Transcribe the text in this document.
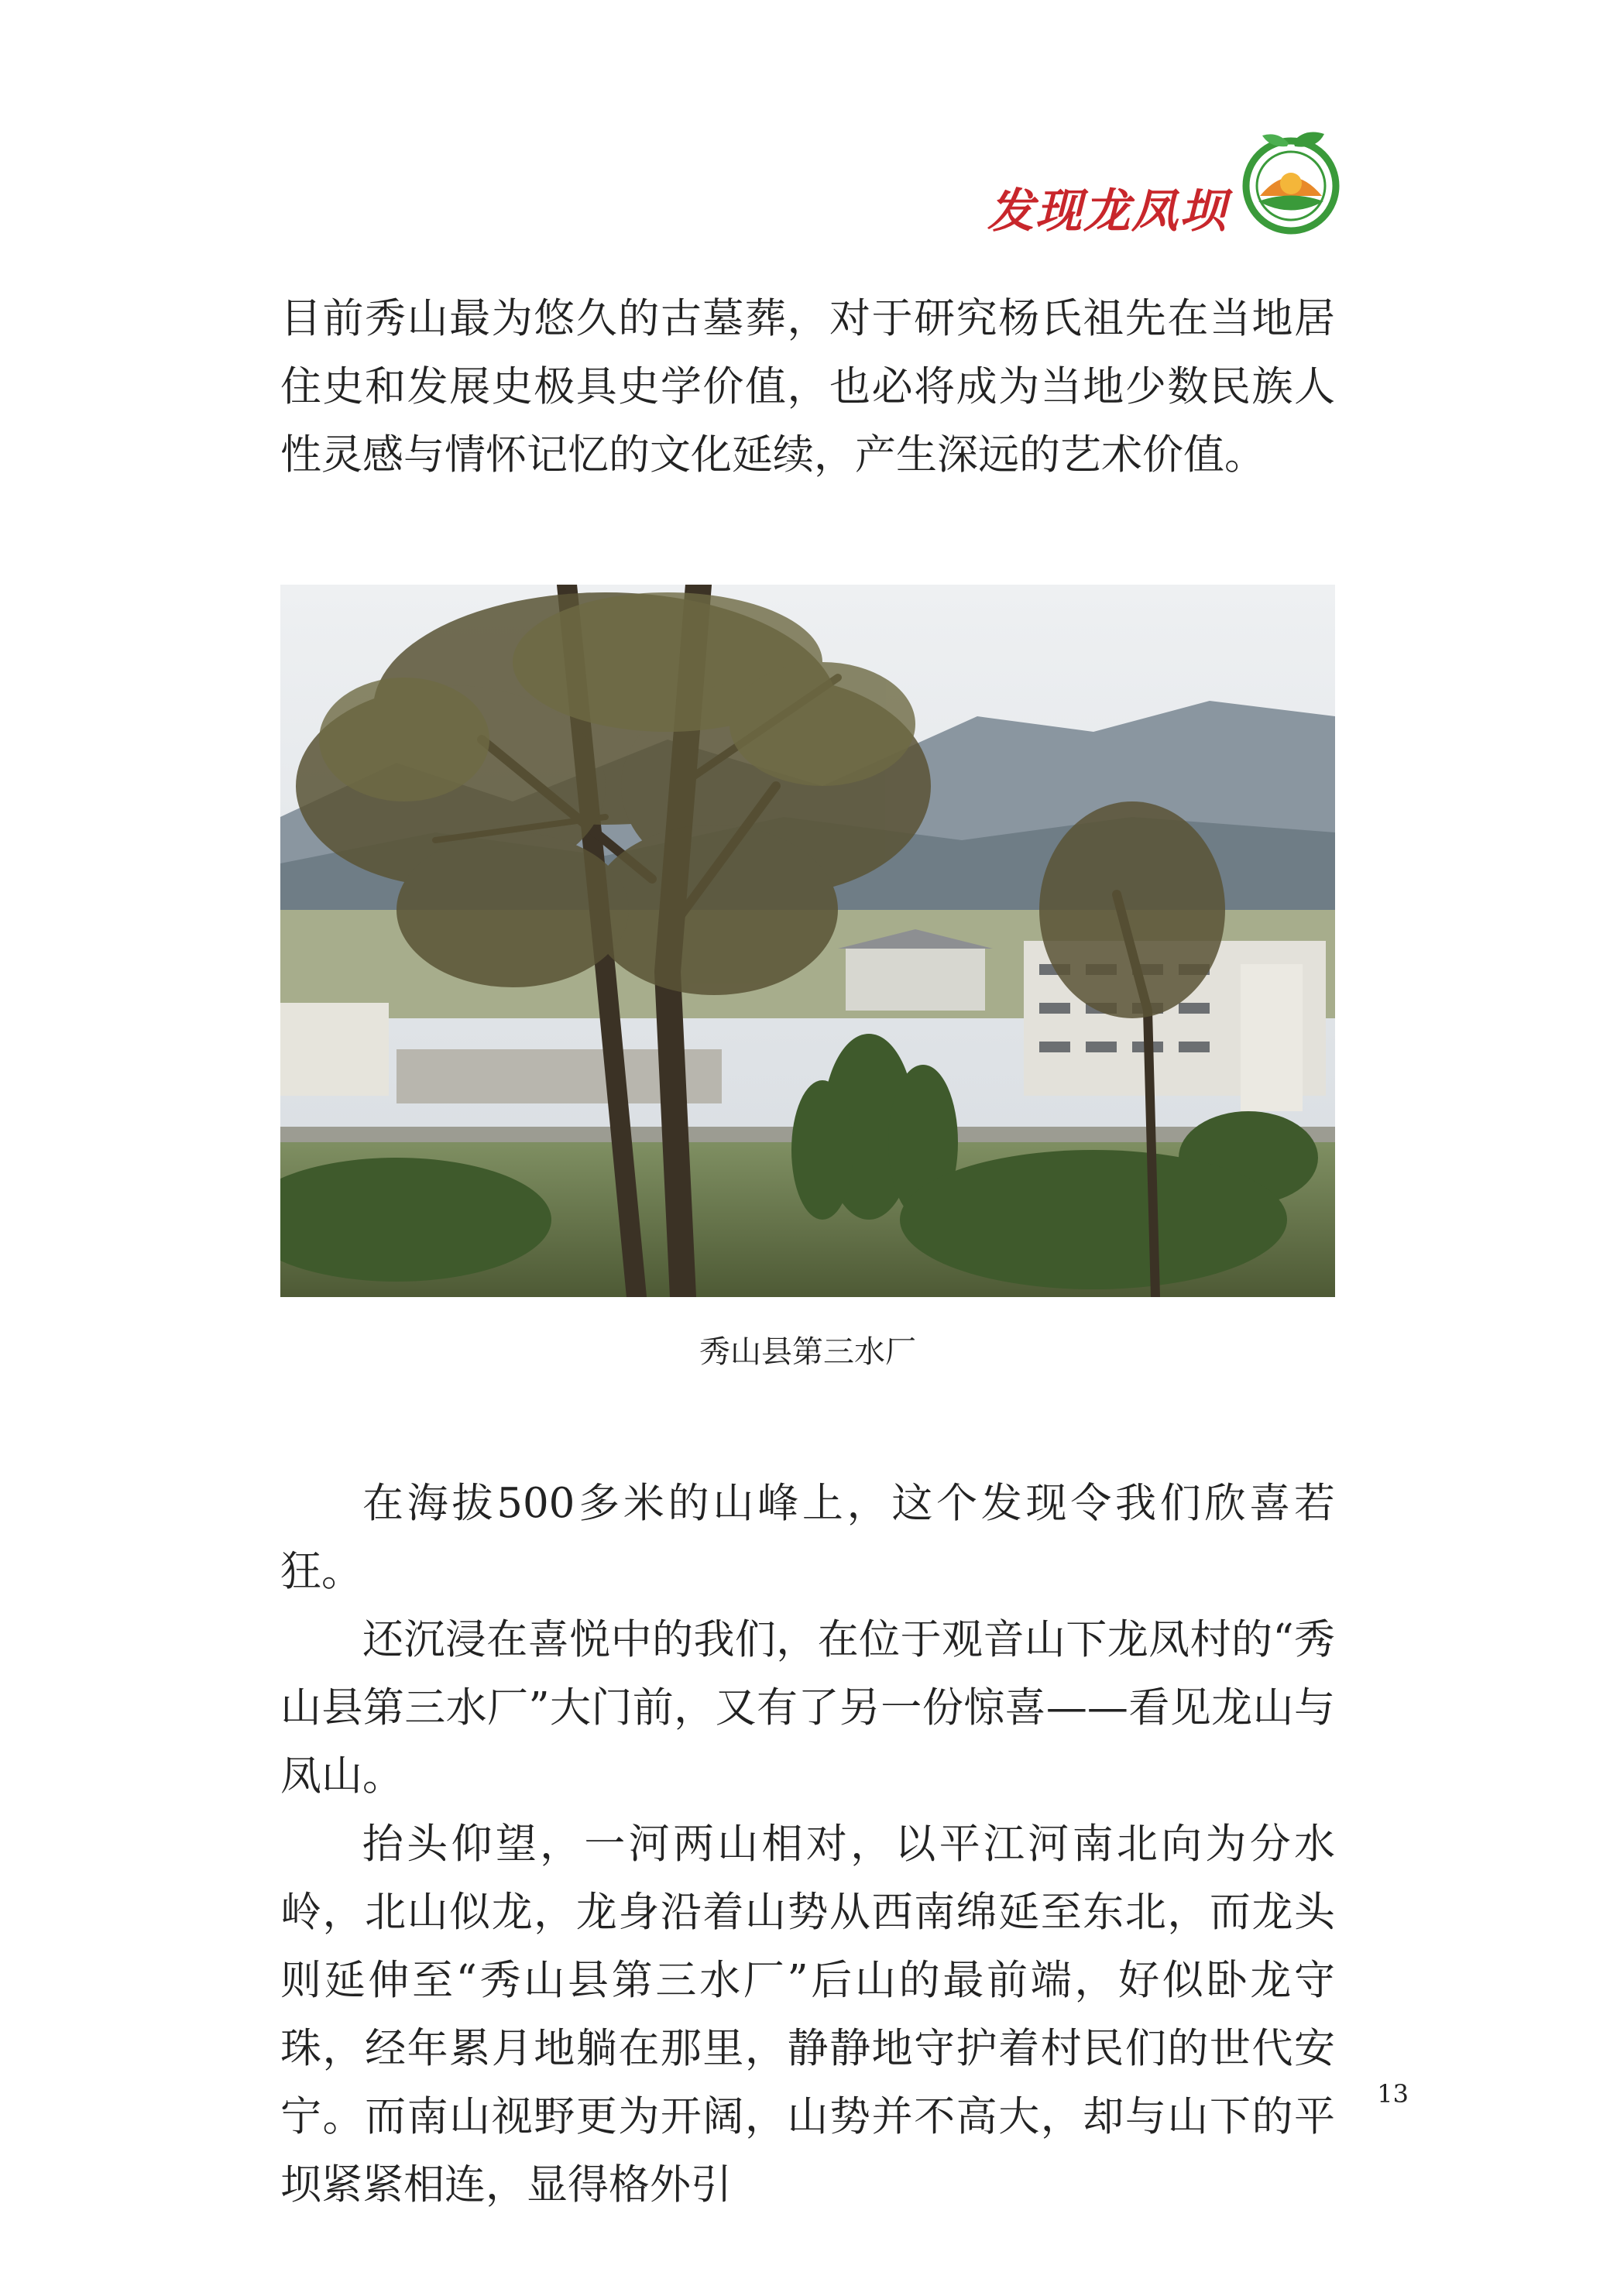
发现龙凤坝

目前秀山最为悠久的古墓葬，对于研究杨氏祖先在当地居住史和发展史极具史学价值，也必将成为当地少数民族人性灵感与情怀记忆的文化延续，产生深远的艺术价值。

秀山县第三水厂

在海拔500多米的山峰上，这个发现令我们欣喜若狂。

还沉浸在喜悦中的我们，在位于观音山下龙凤村的“秀山县第三水厂”大门前，又有了另一份惊喜——看见龙山与凤山。

抬头仰望，一河两山相对，以平江河南北向为分水岭，北山似龙，龙身沿着山势从西南绵延至东北，而龙头则延伸至“秀山县第三水厂”后山的最前端，好似卧龙守珠，经年累月地躺在那里，静静地守护着村民们的世代安宁。而南山视野更为开阔，山势并不高大，却与山下的平坝紧紧相连，显得格外引

13
